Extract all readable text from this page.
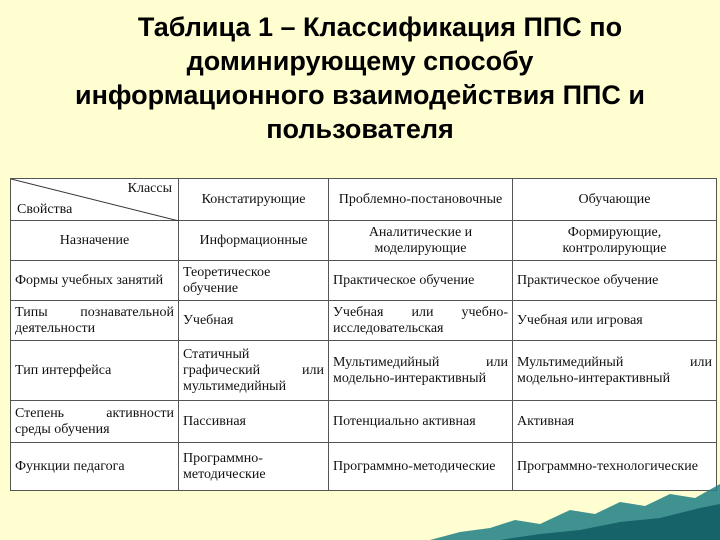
Таблица 1 – Классификация ППС по
доминирующему способу
информационного взаимодействия ППС и
пользователя
Классы
Свойства	Констатирующие	Проблемно-постановочные	Обучающие
Назначение	Информационные	Аналитические и моделирующие	Формирующие, контролирующие
Формы учебных занятий	Теоретическое обучение	Практическое обучение	Практическое обучение
Типы познавательной деятельности	Учебная	Учебная или учебно-исследовательская	Учебная или игровая
Тип интерфейса	Статичный графический или мультимедийный	Мультимедийный или модельно-интерактивный	Мультимедийный или модельно-интерактивный
Степень активности среды обучения	Пассивная	Потенциально активная	Активная
Функции педагога	Программно-методические	Программно-методические	Программно-технологические
